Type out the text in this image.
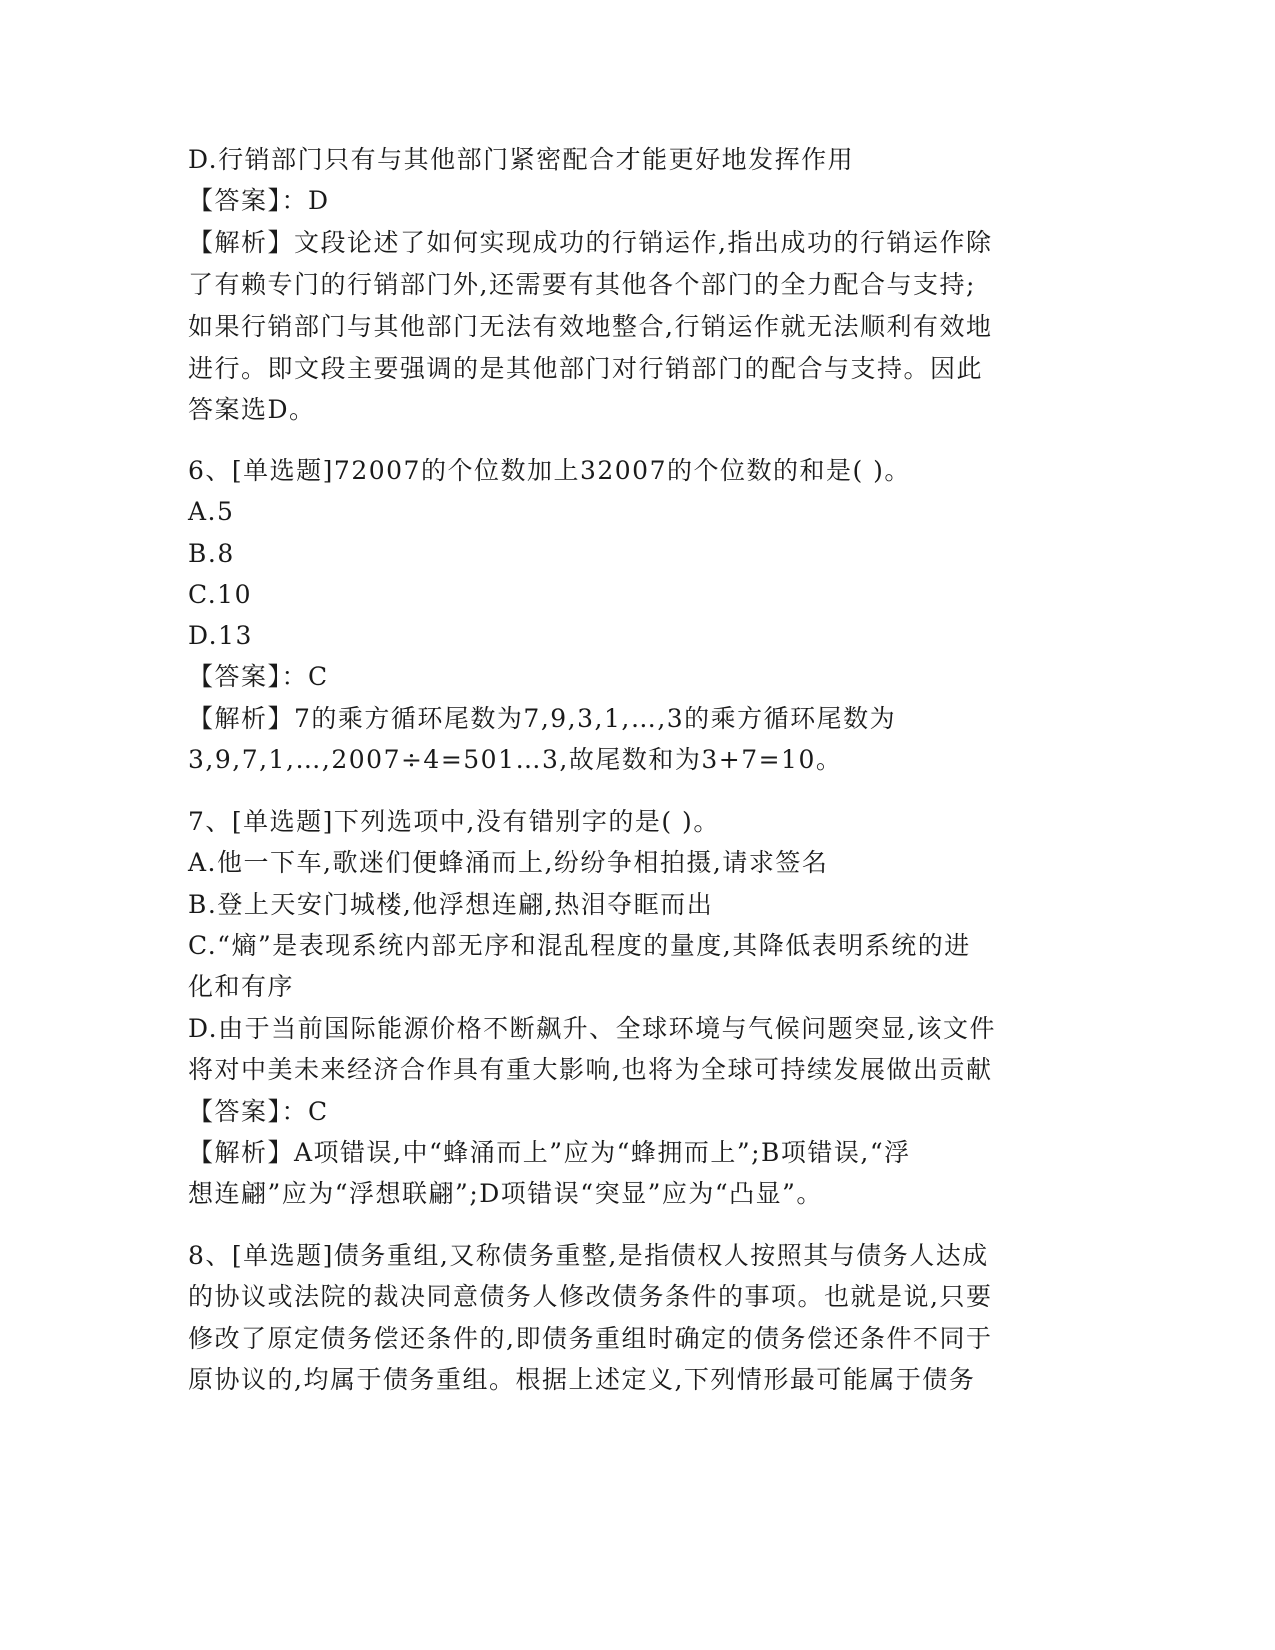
D.行销部门只有与其他部门紧密配合才能更好地发挥作用
【答案】：D
【解析】文段论述了如何实现成功的行销运作,指出成功的行销运作除
了有赖专门的行销部门外,还需要有其他各个部门的全力配合与支持;
如果行销部门与其他部门无法有效地整合,行销运作就无法顺利有效地
进行。即文段主要强调的是其他部门对行销部门的配合与支持。因此
答案选D。
6、[单选题]72007的个位数加上32007的个位数的和是( )。
A.5
B.8
C.10
D.13
【答案】：C
【解析】7的乘方循环尾数为7,9,3,1,…,3的乘方循环尾数为
3,9,7,1,…,2007÷4=501…3,故尾数和为3+7=10。
7、[单选题]下列选项中,没有错别字的是( )。
A.他一下车,歌迷们便蜂涌而上,纷纷争相拍摄,请求签名
B.登上天安门城楼,他浮想连翩,热泪夺眶而出
C.“熵”是表现系统内部无序和混乱程度的量度,其降低表明系统的进
化和有序
D.由于当前国际能源价格不断飙升、全球环境与气候问题突显,该文件
将对中美未来经济合作具有重大影响,也将为全球可持续发展做出贡献
【答案】：C
【解析】A项错误,中“蜂涌而上”应为“蜂拥而上”;B项错误,“浮
想连翩”应为“浮想联翩”;D项错误“突显”应为“凸显”。
8、[单选题]债务重组,又称债务重整,是指债权人按照其与债务人达成
的协议或法院的裁决同意债务人修改债务条件的事项。也就是说,只要
修改了原定债务偿还条件的,即债务重组时确定的债务偿还条件不同于
原协议的,均属于债务重组。根据上述定义,下列情形最可能属于债务
